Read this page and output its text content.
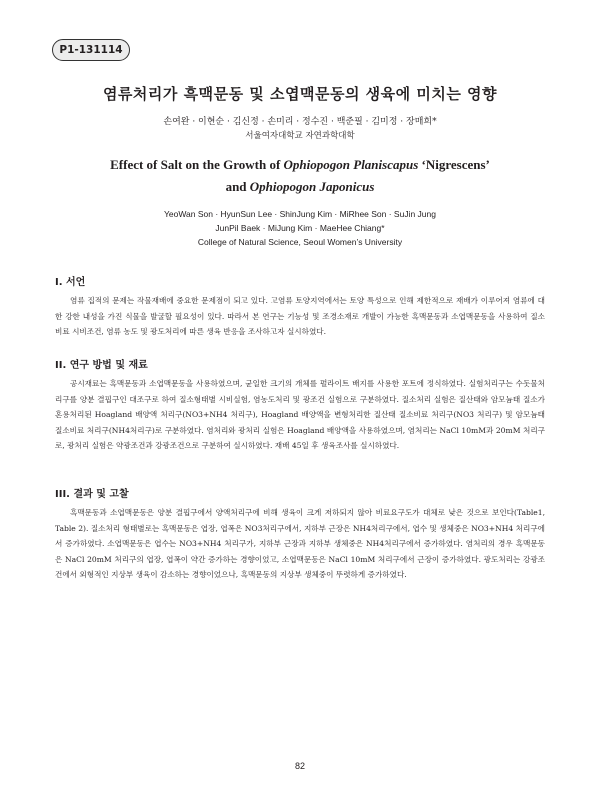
P1-131114
염류처리가 흑맥문동 및 소엽맥문동의 생육에 미치는 영향
손여완 · 이현순 · 김신정 · 손미리 · 정수진 · 백준필 · 김미정 · 장매희*
서울여자대학교 자연과학대학
Effect of Salt on the Growth of Ophiopogon Planiscapus ‘Nigrescens’
and Ophiopogon Japonicus
YeoWan Son · HyunSun Lee · ShinJung Kim · MiRhee Son · SuJin Jung
JunPil Baek · MiJung Kim · MaeHee Chiang*
College of Natural Science, Seoul Women’s University
I. 서언
염류 집적의 문제는 작물재배에 중요한 문제점이 되고 있다. 고염류 토양지역에서는 토양 특성으로 인해 제한적으로 재배가 이루어져 염류에 대한 강한 내성을 가진 식물을 발굴할 필요성이 있다. 따라서 본 연구는 기능성 및 조경소재로 개발이 가능한 흑맥문동과 소엽맥문동을 사용하여 질소 비료 시비조건, 염류 농도 및 광도처리에 따른 생육 반응을 조사하고자 실시하였다.
II. 연구 방법 및 재료
공시재료는 흑맥문동과 소엽맥문동을 사용하였으며, 균일한 크기의 개체를 펄라이트 배지를 사용한 포트에 정식하였다. 실험처리구는 수돗물처리구를 양분 결핍구인 대조구로 하여 질소형태별 시비실험, 염농도처리 및 광조건 실험으로 구분하였다. 질소처리 실험은 질산태와 암모늄태 질소가 혼용처리된 Hoagland 배양액 처리구(NO3+NH4 처리구), Hoagland 배양액을 변형처리한 질산태 질소비료 처리구(NO3 처리구) 및 암모늄태 질소비료 처리구(NH4처리구)로 구분하였다. 염처리와 광처리 실험은 Hoagland 배양액을 사용하였으며, 염처리는 NaCl 10mM과 20mM 처리구로, 광처리 실험은 약광조건과 강광조건으로 구분하여 실시하였다. 재배 45일 후 생육조사를 실시하였다.
III. 결과 및 고찰
흑맥문동과 소엽맥문동은 양분 결핍구에서 양액처리구에 비해 생육이 크게 저하되지 않아 비료요구도가 대체로 낮은 것으로 보인다(Table1, Table 2). 질소처리 형태별로는 흑맥문동은 엽장, 엽폭은 NO3처리구에서, 지하부 근장은 NH4처리구에서, 엽수 및 생체중은 NO3+NH4 처리구에서 증가하였다. 소엽맥문동은 엽수는 NO3+NH4 처리구가, 지하부 근장과 지하부 생체중은 NH4처리구에서 증가하였다. 염처리의 경우 흑맥문동은 NaCl 20mM 처리구의 엽장, 엽폭이 약간 증가하는 경향이었고, 소엽맥문동은 NaCl 10mM 처리구에서 근장이 증가하였다. 광도처리는 강광조건에서 외형적인 지상부 생육이 감소하는 경향이었으나, 흑맥문동의 지상부 생체중이 뚜렷하게 증가하였다.
82
